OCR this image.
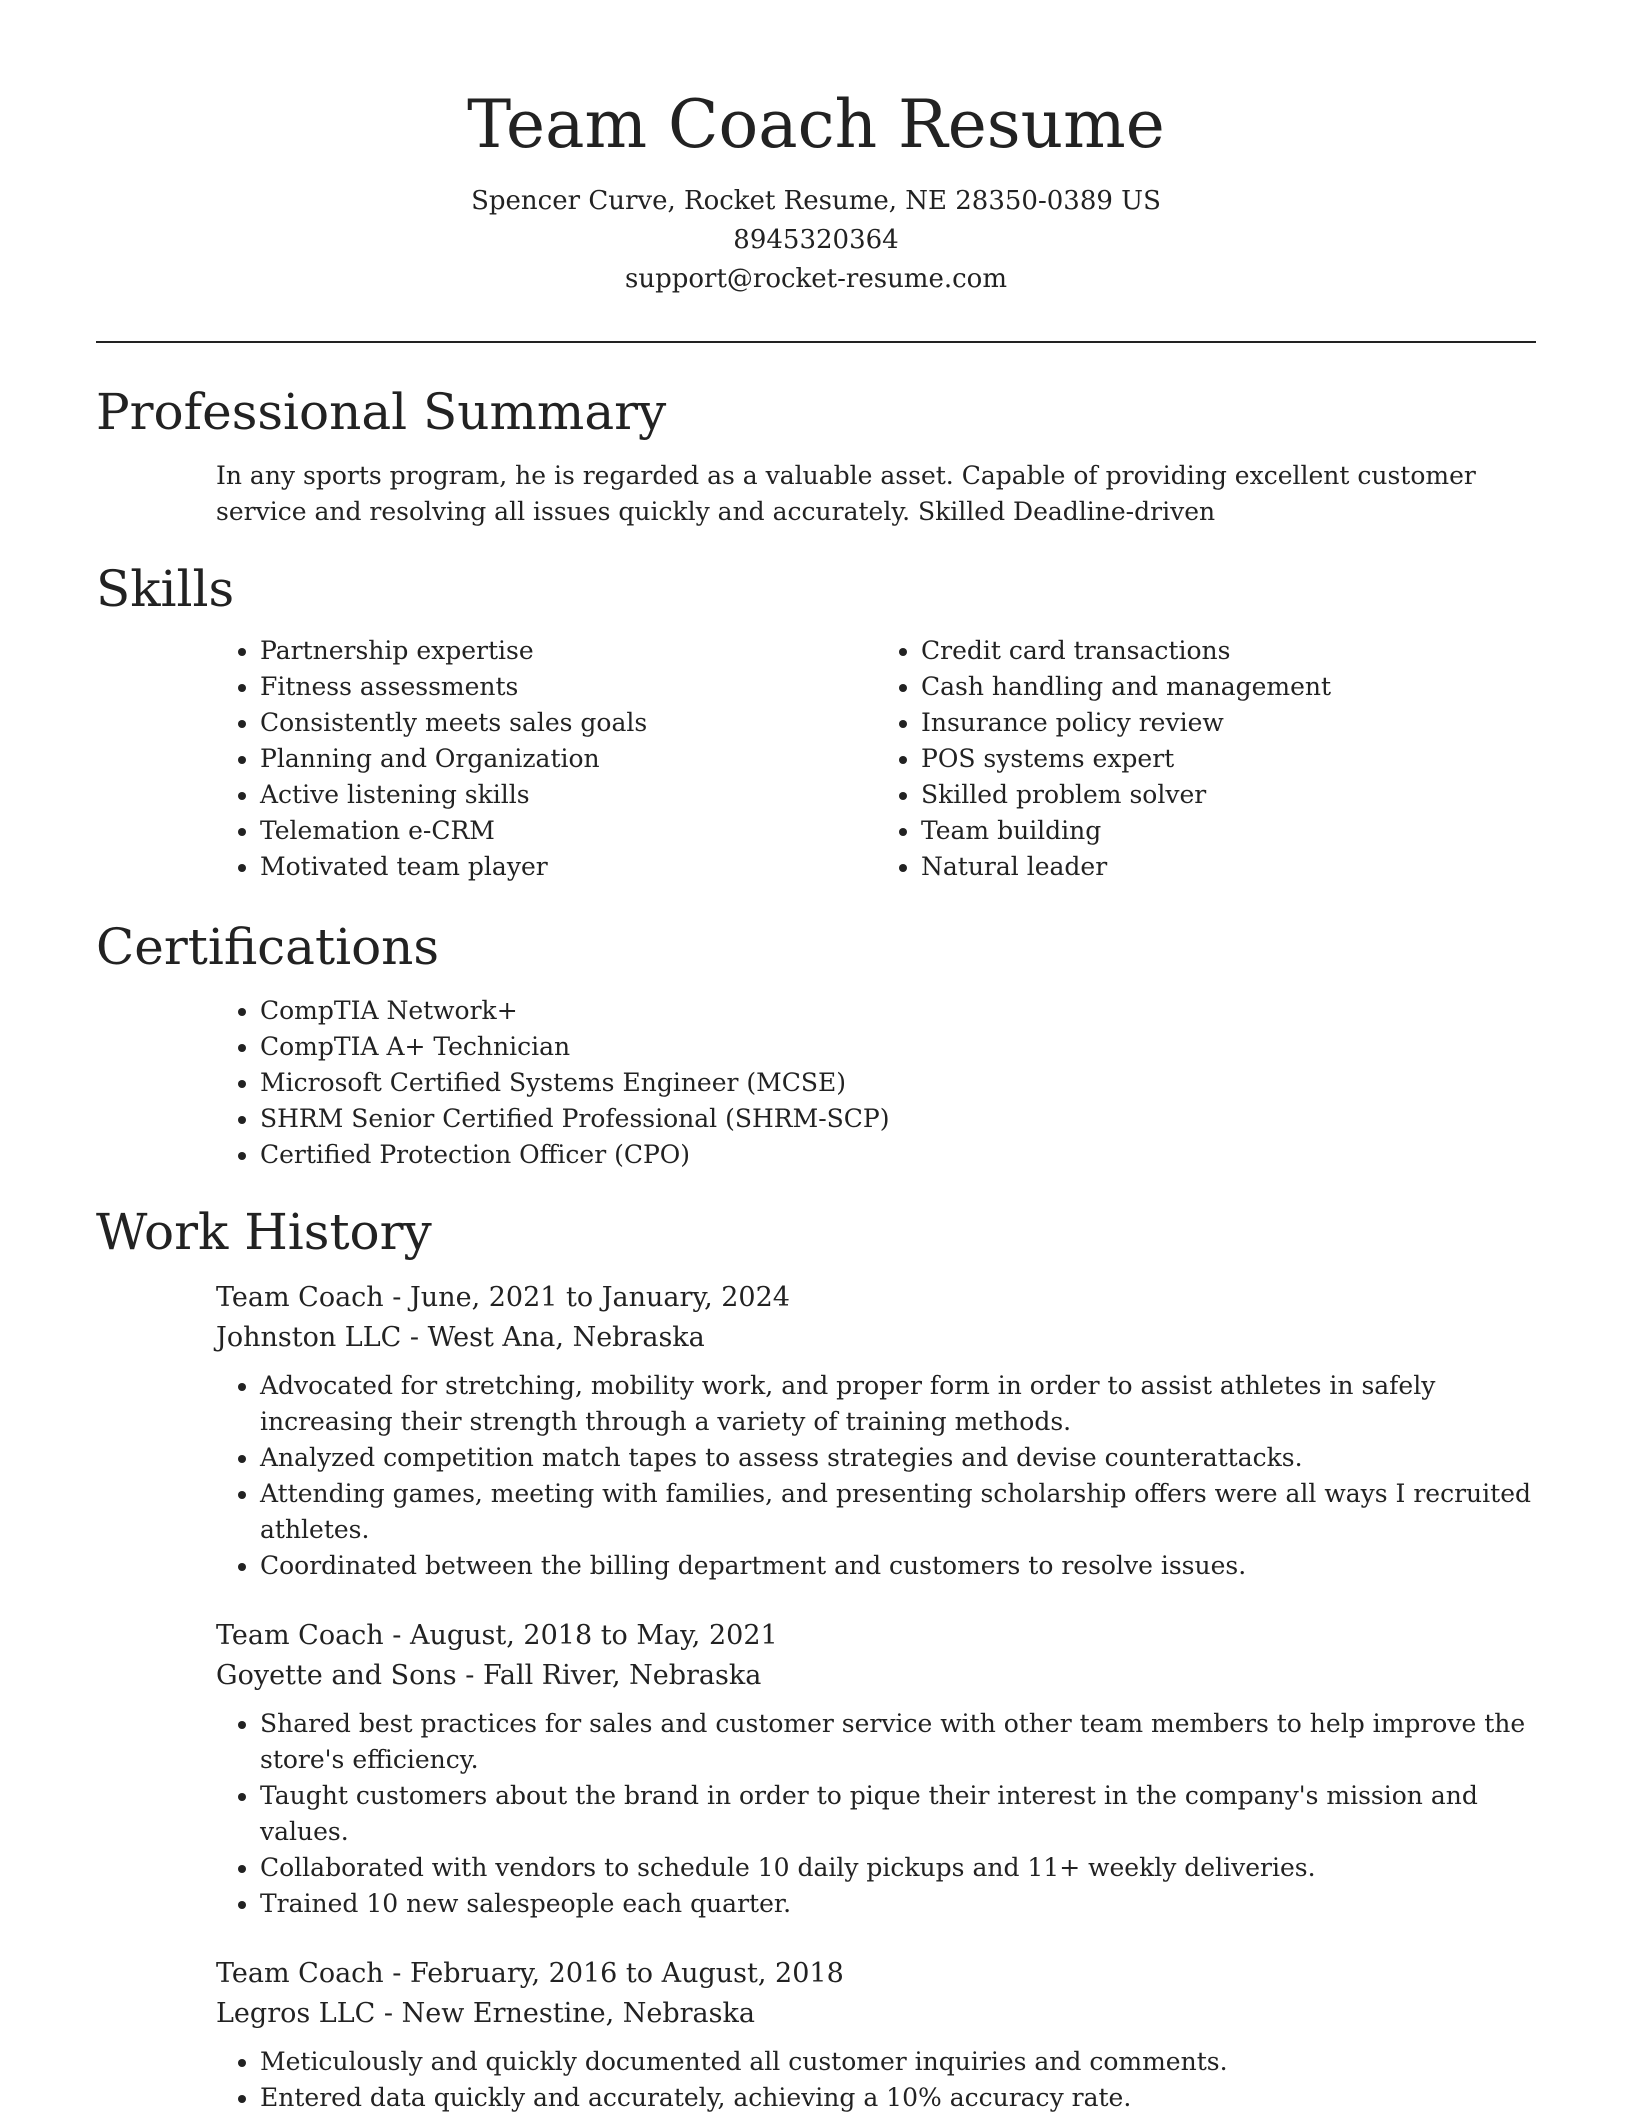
Team Coach Resume
Spencer Curve, Rocket Resume, NE 28350-0389 US
8945320364
support@rocket-resume.com
Professional Summary
In any sports program, he is regarded as a valuable asset. Capable of providing excellent customer service and resolving all issues quickly and accurately. Skilled Deadline-driven
Skills
• Partnership expertise
• Fitness assessments
• Consistently meets sales goals
• Planning and Organization
• Active listening skills
• Telemation e-CRM
• Motivated team player
• Credit card transactions
• Cash handling and management
• Insurance policy review
• POS systems expert
• Skilled problem solver
• Team building
• Natural leader
Certifications
• CompTIA Network+
• CompTIA A+ Technician
• Microsoft Certified Systems Engineer (MCSE)
• SHRM Senior Certified Professional (SHRM-SCP)
• Certified Protection Officer (CPO)
Work History
Team Coach - June, 2021 to January, 2024
Johnston LLC - West Ana, Nebraska
• Advocated for stretching, mobility work, and proper form in order to assist athletes in safely increasing their strength through a variety of training methods.
• Analyzed competition match tapes to assess strategies and devise counterattacks.
• Attending games, meeting with families, and presenting scholarship offers were all ways I recruited athletes.
• Coordinated between the billing department and customers to resolve issues.
Team Coach - August, 2018 to May, 2021
Goyette and Sons - Fall River, Nebraska
• Shared best practices for sales and customer service with other team members to help improve the store's efficiency.
• Taught customers about the brand in order to pique their interest in the company's mission and values.
• Collaborated with vendors to schedule 10 daily pickups and 11+ weekly deliveries.
• Trained 10 new salespeople each quarter.
Team Coach - February, 2016 to August, 2018
Legros LLC - New Ernestine, Nebraska
• Meticulously and quickly documented all customer inquiries and comments.
• Entered data quickly and accurately, achieving a 10% accuracy rate.
